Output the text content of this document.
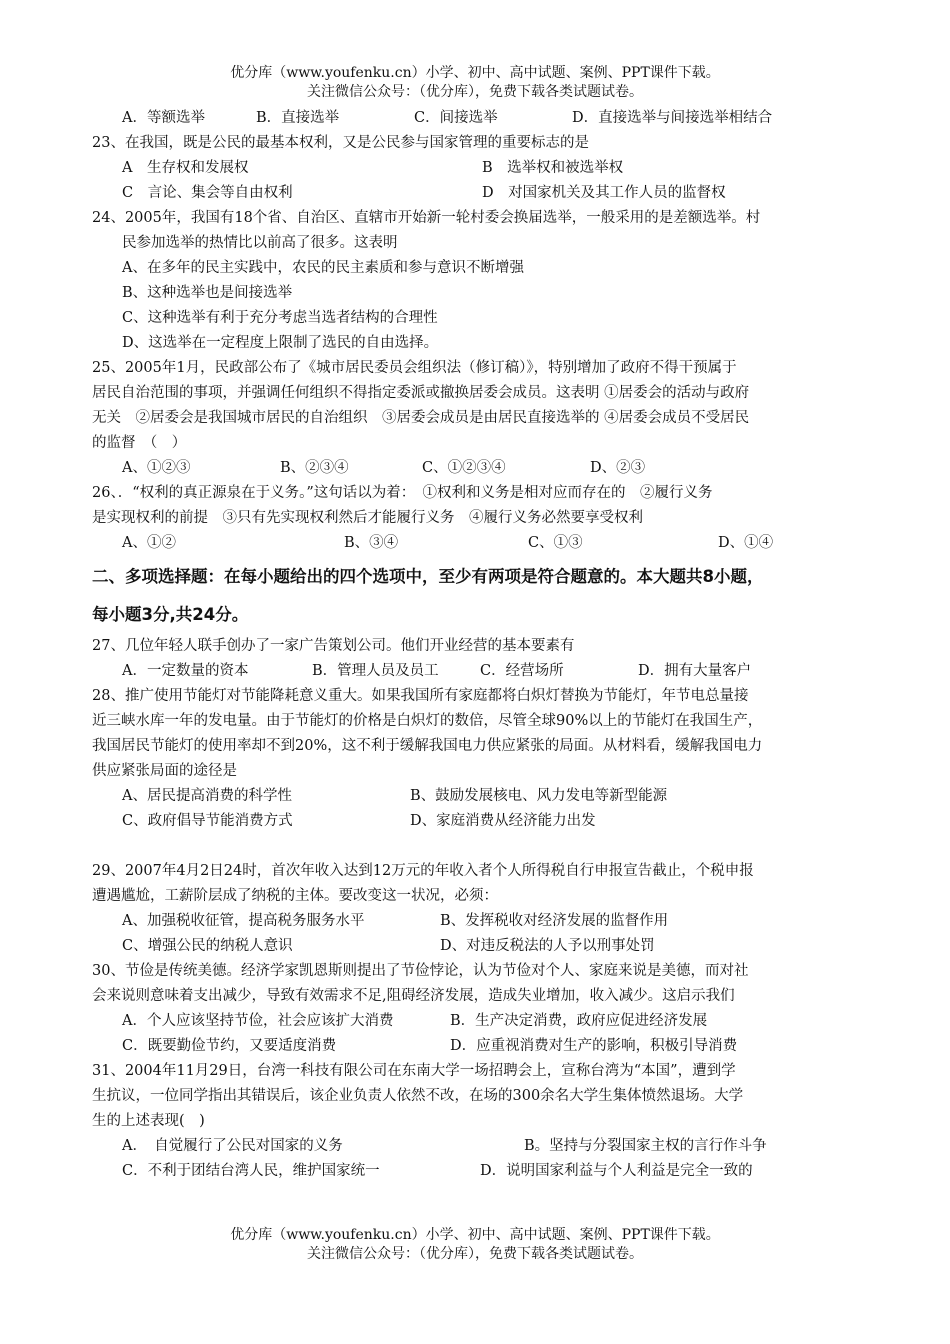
优分库（www.youfenku.cn）小学、初中、高中试题、案例、PPT课件下载。
关注微信公众号：（优分库），免费下载各类试题试卷。
A．等额选举	B．直接选举	C．间接选举	D．直接选举与间接选举相结合
23、在我国，既是公民的最基本权利，又是公民参与国家管理的重要标志的是
A　生存权和发展权	B　选举权和被选举权
C　言论、集会等自由权利	D　对国家机关及其工作人员的监督权
24、2005年，我国有18个省、自治区、直辖市开始新一轮村委会换届选举，一般采用的是差额选举。村
民参加选举的热情比以前高了很多。这表明
A、在多年的民主实践中，农民的民主素质和参与意识不断增强
B、这种选举也是间接选举
C、这种选举有利于充分考虑当选者结构的合理性
D、这选举在一定程度上限制了选民的自由选择。
25、2005年1月，民政部公布了《城市居民委员会组织法（修订稿）》，特别增加了政府不得干预属于
居民自治范围的事项，并强调任何组织不得指定委派或撤换居委会成员。这表明 ①居委会的活动与政府
无关　②居委会是我国城市居民的自治组织　③居委会成员是由居民直接选举的 ④居委会成员不受居民
的监督　（　）
A、①②③	B、②③④	C、①②③④	D、②③
26、．“权利的真正源泉在于义务。”这句话以为着：　①权利和义务是相对应而存在的　②履行义务
是实现权利的前提　③只有先实现权利然后才能履行义务　④履行义务必然要享受权利
A、①②	B、③④	C、①③	D、①④
二、多项选择题：在每小题给出的四个选项中，至少有两项是符合题意的。本大题共8小题，
每小题3分,共24分。
27、几位年轻人联手创办了一家广告策划公司。他们开业经营的基本要素有
A．一定数量的资本	B．管理人员及员工	C．经营场所	D．拥有大量客户
28、推广使用节能灯对节能降耗意义重大。如果我国所有家庭都将白炽灯替换为节能灯，年节电总量接
近三峡水库一年的发电量。由于节能灯的价格是白炽灯的数倍，尽管全球90%以上的节能灯在我国生产，
我国居民节能灯的使用率却不到20%，这不利于缓解我国电力供应紧张的局面。从材料看，缓解我国电力
供应紧张局面的途径是
A、居民提高消费的科学性	B、鼓励发展核电、风力发电等新型能源
C、政府倡导节能消费方式	D、家庭消费从经济能力出发
29、2007年4月2日24时，首次年收入达到12万元的年收入者个人所得税自行申报宣告截止，个税申报
遭遇尴尬，工薪阶层成了纳税的主体。要改变这一状况，必须：
A、加强税收征管，提高税务服务水平	B、发挥税收对经济发展的监督作用
C、增强公民的纳税人意识	D、对违反税法的人予以刑事处罚
30、节俭是传统美德。经济学家凯恩斯则提出了节俭悖论，认为节俭对个人、家庭来说是美德，而对社
会来说则意味着支出减少，导致有效需求不足,阻碍经济发展，造成失业增加，收入减少。这启示我们
A．个人应该坚持节俭，社会应该扩大消费	B．生产决定消费，政府应促进经济发展
C．既要勤俭节约，又要适度消费	D．应重视消费对生产的影响，积极引导消费
31、2004年11月29日，台湾一科技有限公司在东南大学一场招聘会上，宣称台湾为“本国”，遭到学
生抗议，一位同学指出其错误后，该企业负责人依然不改，在场的300余名大学生集体愤然退场。大学
生的上述表现(　)
A．　自觉履行了公民对国家的义务	B。坚持与分裂国家主权的言行作斗争
C．不利于团结台湾人民，维护国家统一	D．说明国家利益与个人利益是完全一致的
优分库（www.youfenku.cn）小学、初中、高中试题、案例、PPT课件下载。
关注微信公众号：（优分库），免费下载各类试题试卷。
